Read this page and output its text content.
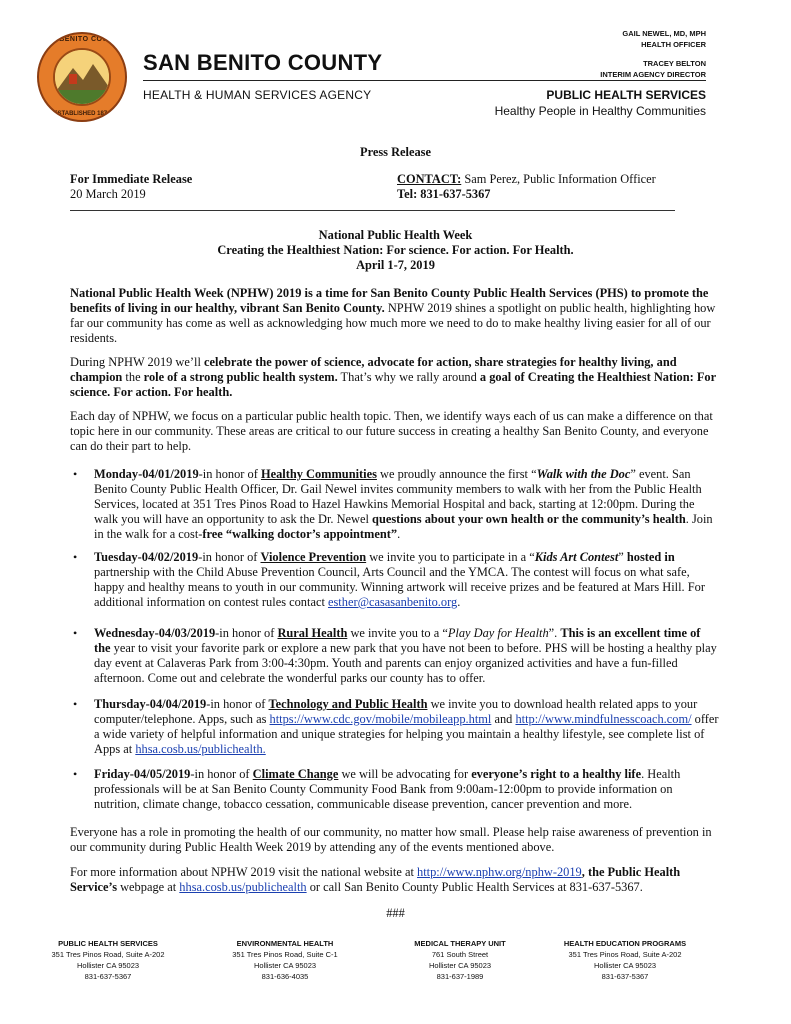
SAN BENITO COUNTY
ESTABLISHED 1874
SAN BENITO COUNTY
HEALTH & HUMAN SERVICES AGENCY
GAIL NEWEL, MD, MPH
HEALTH OFFICER
TRACEY BELTON
INTERIM AGENCY DIRECTOR
PUBLIC HEALTH SERVICES
Healthy People in Healthy Communities
Press Release
For Immediate Release
20 March 2019
CONTACT: Sam Perez, Public Information Officer
Tel: 831-637-5367
National Public Health Week
Creating the Healthiest Nation: For science. For action. For Health.
April 1-7, 2019
National Public Health Week (NPHW) 2019 is a time for San Benito County Public Health Services (PHS) to promote the benefits of living in our healthy, vibrant San Benito County. NPHW 2019 shines a spotlight on public health, highlighting how far our community has come as well as acknowledging how much more we need to do to make healthy living easier for all of our residents.
During NPHW 2019 we’ll celebrate the power of science, advocate for action, share strategies for healthy living, and champion the role of a strong public health system. That’s why we rally around a goal of Creating the Healthiest Nation: For science. For action. For health.
Each day of NPHW, we focus on a particular public health topic. Then, we identify ways each of us can make a difference on that topic here in our community. These areas are critical to our future success in creating a healthy San Benito County, and everyone can do their part to help.
• Monday-04/01/2019-in honor of Healthy Communities we proudly announce the first “Walk with the Doc” event. San Benito County Public Health Officer, Dr. Gail Newel invites community members to walk with her from the Public Health Services, located at 351 Tres Pinos Road to Hazel Hawkins Memorial Hospital and back, starting at 12:00pm. During the walk you will have an opportunity to ask the Dr. Newel questions about your own health or the community’s health. Join in the walk for a cost-free “walking doctor’s appointment”.
• Tuesday-04/02/2019-in honor of Violence Prevention we invite you to participate in a “Kids Art Contest” hosted in partnership with the Child Abuse Prevention Council, Arts Council and the YMCA. The contest will focus on what safe, happy and healthy means to youth in our community. Winning artwork will receive prizes and be featured at Mars Hill. For additional information on contest rules contact esther@casasanbenito.org.
• Wednesday-04/03/2019-in honor of Rural Health we invite you to a “Play Day for Health”. This is an excellent time of the year to visit your favorite park or explore a new park that you have not been to before. PHS will be hosting a healthy play day event at Calaveras Park from 3:00-4:30pm. Youth and parents can enjoy organized activities and have a fun-filled afternoon. Come out and celebrate the wonderful parks our county has to offer.
• Thursday-04/04/2019-in honor of Technology and Public Health we invite you to download health related apps to your computer/telephone. Apps, such as https://www.cdc.gov/mobile/mobileapp.html and http://www.mindfulnesscoach.com/ offer a wide variety of helpful information and unique strategies for helping you maintain a healthy lifestyle, see complete list of Apps at hhsa.cosb.us/publichealth.
• Friday-04/05/2019-in honor of Climate Change we will be advocating for everyone’s right to a healthy life. Health professionals will be at San Benito County Community Food Bank from 9:00am-12:00pm to provide information on nutrition, climate change, tobacco cessation, communicable disease prevention, cancer prevention and more.
Everyone has a role in promoting the health of our community, no matter how small. Please help raise awareness of prevention in our community during Public Health Week 2019 by attending any of the events mentioned above.
For more information about NPHW 2019 visit the national website at http://www.nphw.org/nphw-2019, the Public Health Service’s webpage at hhsa.cosb.us/publichealth or call San Benito County Public Health Services at 831-637-5367.
###
PUBLIC HEALTH SERVICES
351 Tres Pinos Road, Suite A-202
Hollister CA 95023
831-637-5367
ENVIRONMENTAL HEALTH
351 Tres Pinos Road, Suite C-1
Hollister CA 95023
831-636-4035
MEDICAL THERAPY UNIT
761 South Street
Hollister CA 95023
831-637-1989
HEALTH EDUCATION PROGRAMS
351 Tres Pinos Road, Suite A-202
Hollister CA 95023
831-637-5367
